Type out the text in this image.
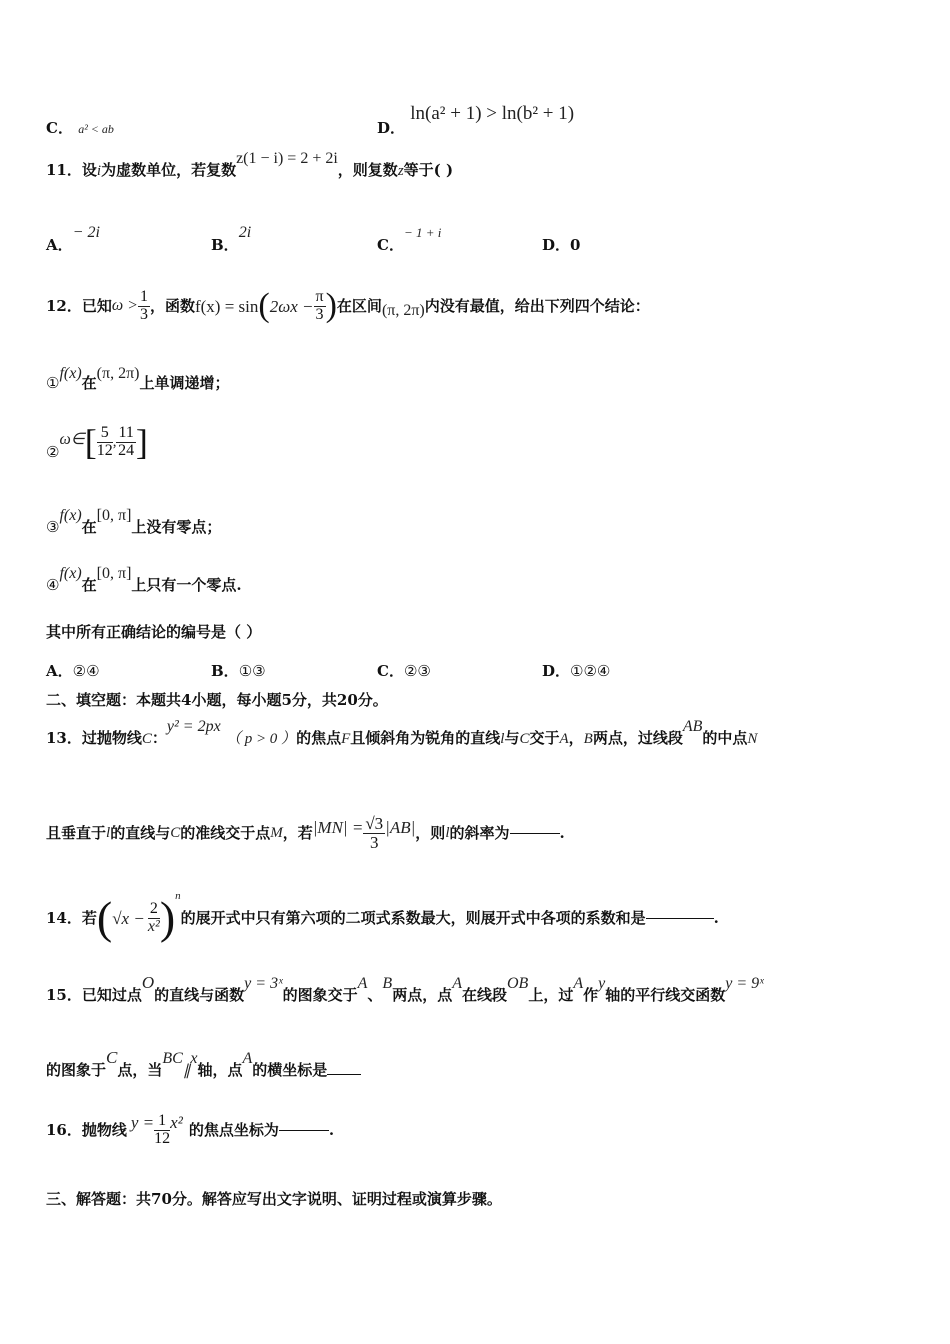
C． a² < ab	D． ln(a² + 1) > ln(b² + 1)
11．设i为虚数单位，若复数z(1 − i) = 2 + 2i，则复数z等于( )
A．− 2i
B．2i
C．− 1 + i
D．0
12．已知 $\omega > \frac{1}{3}$ ，函数 f(x) = sin ( $2\omega x - \frac{\pi}{3}$ ) 在区间 (π, 2π) 内没有最值，给出下列四个结论：
①f(x)在(π, 2π)上单调递增；
②
ω∈ [ $\frac{5}{12}$ , $\frac{11}{24}$ ]
③f(x)在[0, π]上没有零点；
④f(x)在[0, π]上只有一个零点.
其中所有正确结论的编号是（ ）
A．②④	B．①③	C．②③	D．①②④
二、填空题：本题共4小题，每小题5分，共20分。
13．过抛物线C：y² = 2px （ p > 0 ）的焦点F且倾斜角为锐角的直线l与C交于A，B两点，过线段AB的中点N
且垂直于 l 的直线与 C 的准线交于点 M ，若 $|MN| = \frac{√3}{3} |AB|$ ，则 l 的斜率为	.
14．若 ( $√x - \frac{2}{\text{x²}}$ ) n
的展开式中只有第六项的二项式系数最大，则展开式中各项的系数和是	.
15．已知过点O的直线与函数y = 3ˣ的图象交于A、B两点，点A在线段OB上，过A作y轴的平行线交函数y = 9ˣ
的图象于C点，当BC∥x轴，点A的横坐标是
16．抛物线 $y = \frac{1}{12} x^2$ 的焦点坐标为	.
三、解答题：共70分。解答应写出文字说明、证明过程或演算步骤。
